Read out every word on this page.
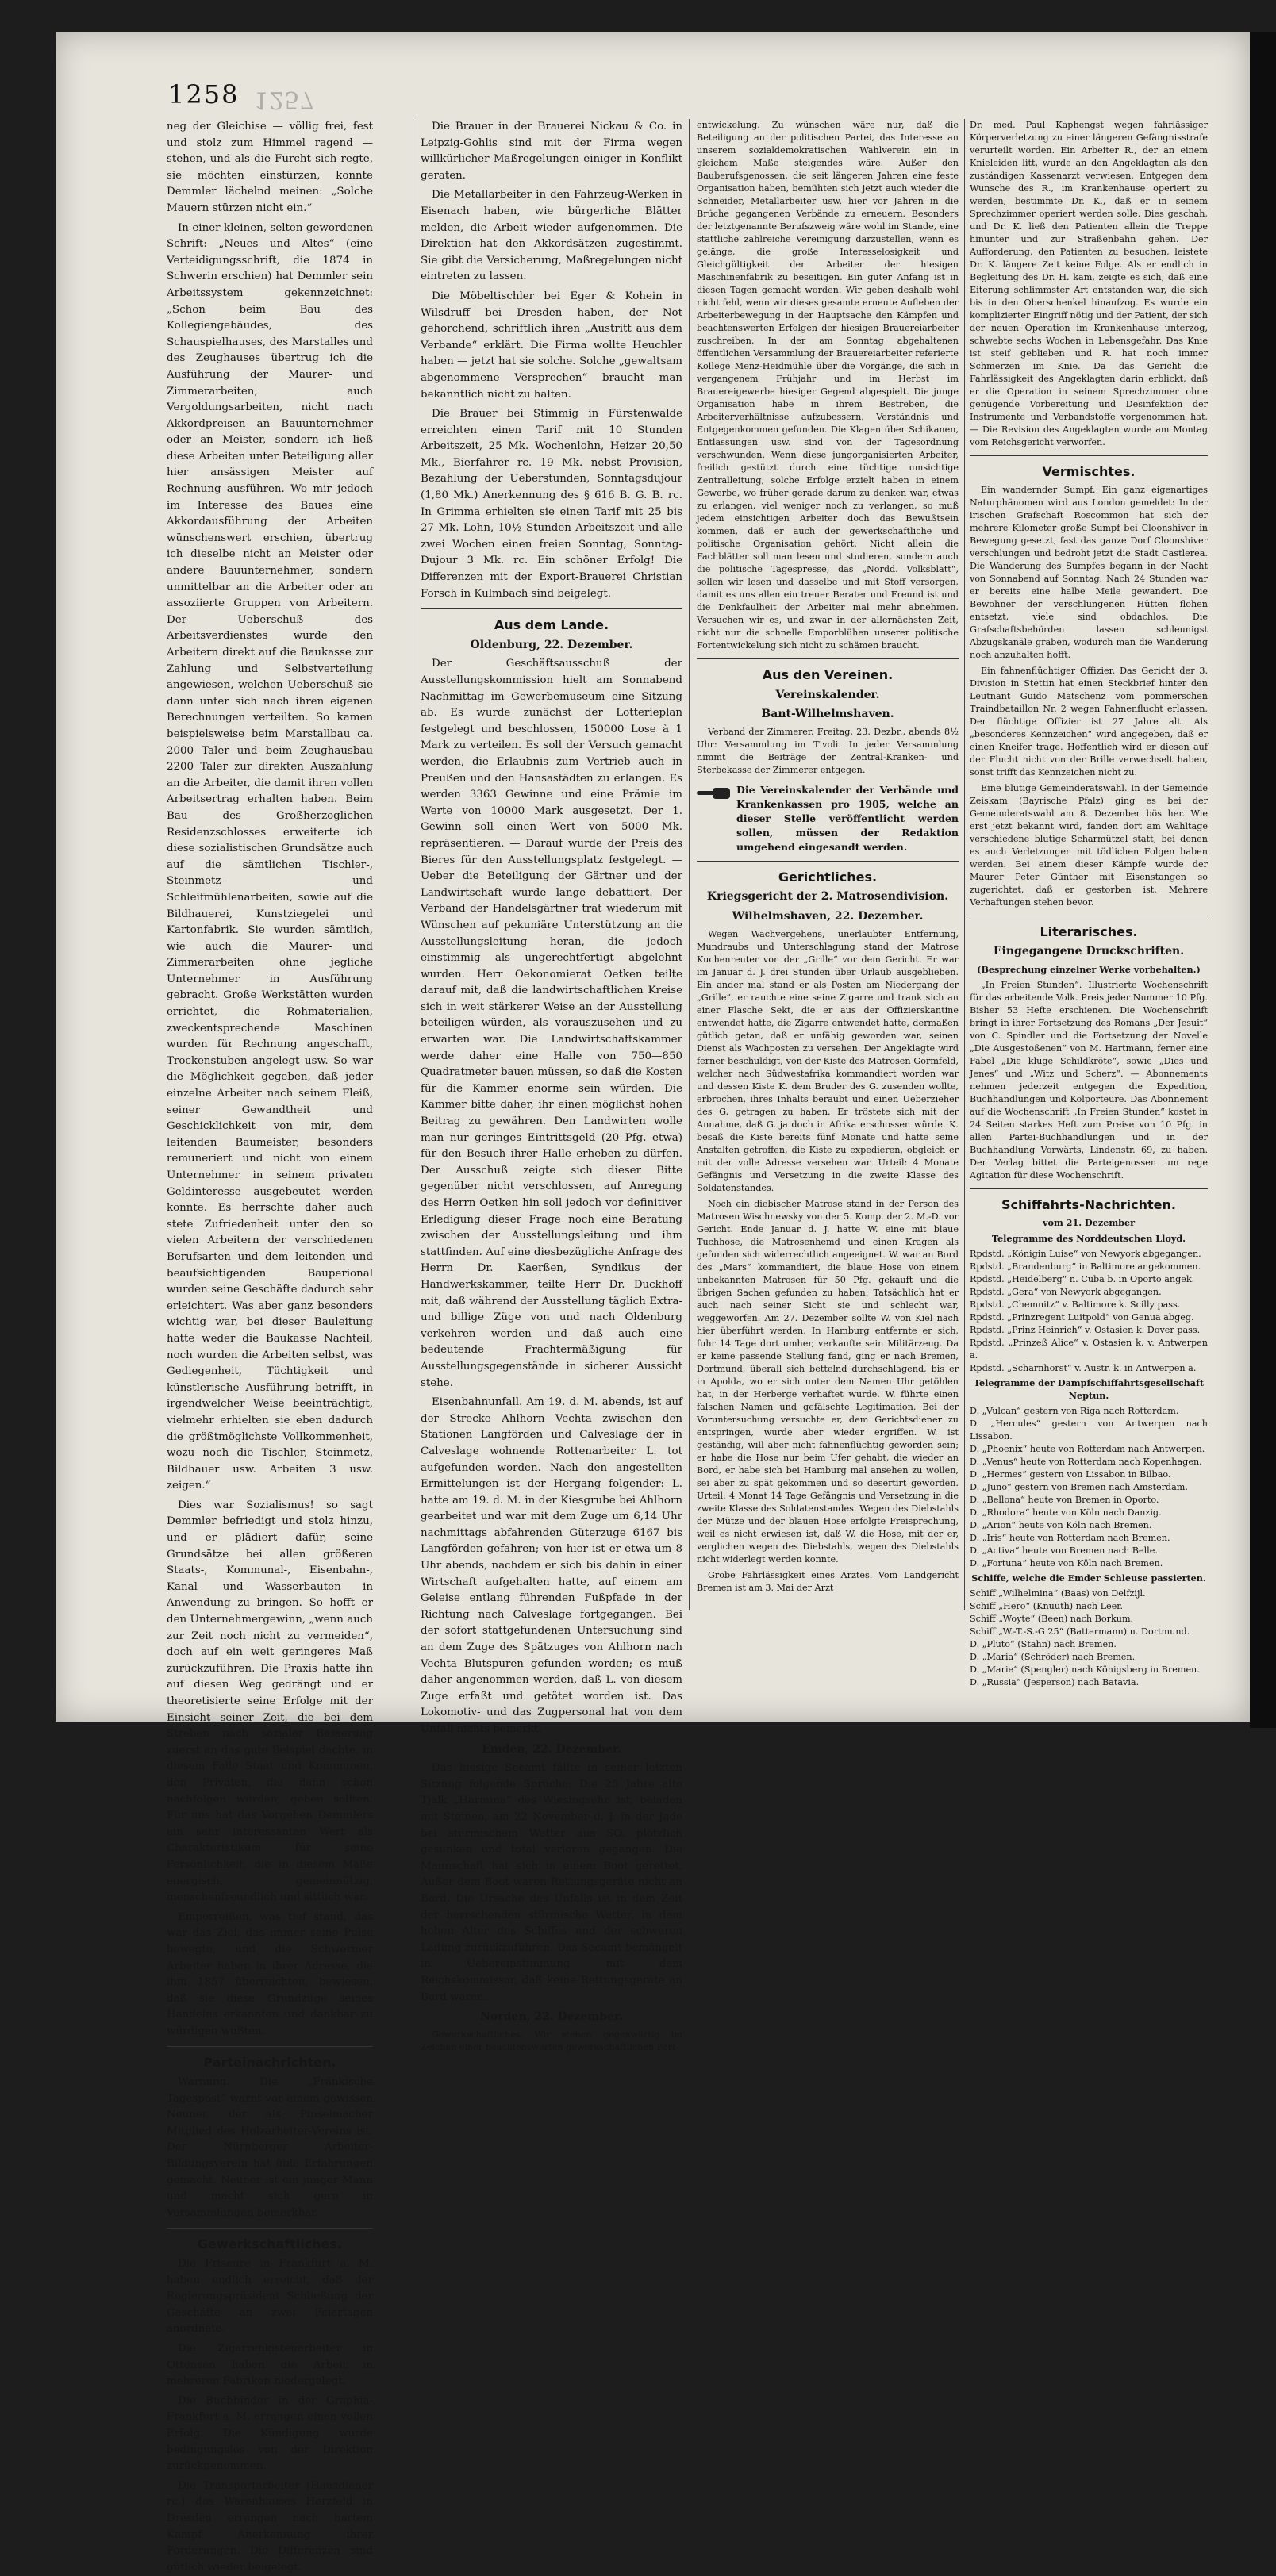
1258 1257

neg der Gleichise — völlig frei, fest und stolz zum Himmel ragend — stehen, und als die Furcht sich regte, sie möchten einstürzen, konnte Demmler lächelnd meinen: „Solche Mauern stürzen nicht ein.“

In einer kleinen, selten gewordenen Schrift: „Neues und Altes“ (eine Verteidigungsschrift, die 1874 in Schwerin erschien) hat Demmler sein Arbeitssystem gekennzeichnet: „Schon beim Bau des Kollegiengebäudes, des Schauspielhauses, des Marstalles und des Zeughauses übertrug ich die Ausführung der Maurer- und Zimmerarbeiten, auch Vergoldungsarbeiten, nicht nach Akkordpreisen an Bauunternehmer oder an Meister, sondern ich ließ diese Arbeiten unter Beteiligung aller hier ansässigen Meister auf Rechnung ausführen. Wo mir jedoch im Interesse des Baues eine Akkordausführung der Arbeiten wünschenswert erschien, übertrug ich dieselbe nicht an Meister oder andere Bauunternehmer, sondern unmittelbar an die Arbeiter oder an assoziierte Gruppen von Arbeitern. Der Ueberschuß des Arbeitsverdienstes wurde den Arbeitern direkt auf die Baukasse zur Zahlung und Selbstverteilung angewiesen, welchen Ueberschuß sie dann unter sich nach ihren eigenen Berechnungen verteilten. So kamen beispielsweise beim Marstallbau ca. 2000 Taler und beim Zeughausbau 2200 Taler zur direkten Auszahlung an die Arbeiter, die damit ihren vollen Arbeitsertrag erhalten haben. Beim Bau des Großherzoglichen Residenzschlosses erweiterte ich diese sozialistischen Grundsätze auch auf die sämtlichen Tischler-, Steinmetz- und Schleifmühlenarbeiten, sowie auf die Bildhauerei, Kunstziegelei und Kartonfabrik. Sie wurden sämtlich, wie auch die Maurer- und Zimmerarbeiten ohne jegliche Unternehmer in Ausführung gebracht. Große Werkstätten wurden errichtet, die Rohmaterialien, zweckentsprechende Maschinen wurden für Rechnung angeschafft, Trockenstuben angelegt usw. So war die Möglichkeit gegeben, daß jeder einzelne Arbeiter nach seinem Fleiß, seiner Gewandtheit und Geschicklichkeit von mir, dem leitenden Baumeister, besonders remuneriert und nicht von einem Unternehmer in seinem privaten Geldinteresse ausgebeutet werden konnte. Es herrschte daher auch stete Zufriedenheit unter den so vielen Arbeitern der verschiedenen Berufsarten und dem leitenden und beaufsichtigenden Bauperional wurden seine Geschäfte dadurch sehr erleichtert. Was aber ganz besonders wichtig war, bei dieser Bauleitung hatte weder die Baukasse Nachteil, noch wurden die Arbeiten selbst, was Gediegenheit, Tüchtigkeit und künstlerische Ausführung betrifft, in irgendwelcher Weise beeinträchtigt, vielmehr erhielten sie eben dadurch die größtmöglichste Vollkommenheit, wozu noch die Tischler, Steinmetz, Bildhauer usw. Arbeiten 3 usw. zeigen.“

Dies war Sozialismus! so sagt Demmler befriedigt und stolz hinzu, und er plädiert dafür, seine Grundsätze bei allen größeren Staats-, Kommunal-, Eisenbahn-, Kanal- und Wasserbauten in Anwendung zu bringen. So hofft er den Unternehmergewinn, „wenn auch zur Zeit noch nicht zu vermeiden“, doch auf ein weit geringeres Maß zurückzuführen. Die Praxis hatte ihn auf diesen Weg gedrängt und er theoretisierte seine Erfolge mit der Einsicht seiner Zeit, die bei dem Streben nach sozialer Besserung zuerst an das gute Beispiel dachte, in diesem Falle Staat und Kommunen, den Privaten, die dann schon nachfolgen würden, geben sollten. Für uns hat das Vorgehen Demmlers ein sehr interessanten Wert als Charakteristikum für seine Persönlichkeit, die in diesem Maße energisch, gemeinnützig, menschenfreundlich und sittlich war.

Emporreißen, was tief stand, das war das Ziel, das immer seine Pulse bewegte, und die Schweriner Arbeiter haben in ihrer Adresse, die ihm 1857 überreichten, bewiesen, daß sie diese Grundzüge seines Handelns erkannten und dankbar zu würdigen wußten.

Parteinachrichten.

Warnung. Die „Fränkische Tagespost“ warnt vor einem gewissen Neuner, der als Pinselmacher Mitglied des Holzarbeiter-Vereins ist. Der Nürnberger Arbeiter-Bildungsverein hat üble Erfahrungen gemacht. Neuner ist ein junger Mann und macht sich gern in Versammlungen bemerkbar.

Gewerkschaftliches.

Die Friseure in Frankfurt a. M. haben endlich erreicht, daß der Regierungspräsident Schließung der Geschäfte an zwei Feiertagen anordnete.

Die Zigarrenkistenarbeiter in Ottensen haben die Arbeit in mehreren Fabriken niedergelegt.

Die Buchbinder in der Graphia-Frankfurt a. M. errangen einen vollen Erfolg. Die Kündigung wurde bedingungslos von der Direktion zurückgenommen.

Die Transportarbeiter (Hausdiener rc.) des Warenhauses Herzfeld in Dresden errangen nach hartem Kampf Anerkennung ihrer Forderungen. Die Differenzen sind gütlich wieder beigelegt.

Die Brauer in der Brauerei Nickau & Co. in Leipzig-Gohlis sind mit der Firma wegen willkürlicher Maßregelungen einiger in Konflikt geraten.

Die Metallarbeiter in den Fahrzeug-Werken in Eisenach haben, wie bürgerliche Blätter melden, die Arbeit wieder aufgenommen. Die Direktion hat den Akkordsätzen zugestimmt. Sie gibt die Versicherung, Maßregelungen nicht eintreten zu lassen.

Die Möbeltischler bei Eger & Kohein in Wilsdruff bei Dresden haben, der Not gehorchend, schriftlich ihren „Austritt aus dem Verbande“ erklärt. Die Firma wollte Heuchler haben — jetzt hat sie solche. Solche „gewaltsam abgenommene Versprechen“ braucht man bekanntlich nicht zu halten.

Die Brauer bei Stimmig in Fürstenwalde erreichten einen Tarif mit 10 Stunden Arbeitszeit, 25 Mk. Wochenlohn, Heizer 20,50 Mk., Bierfahrer rc. 19 Mk. nebst Provision, Bezahlung der Ueberstunden, Sonntagsdujour (1,80 Mk.) Anerkennung des § 616 B. G. B. rc. In Grimma erhielten sie einen Tarif mit 25 bis 27 Mk. Lohn, 10½ Stunden Arbeitszeit und alle zwei Wochen einen freien Sonntag, Sonntag-Dujour 3 Mk. rc. Ein schöner Erfolg! Die Differenzen mit der Export-Brauerei Christian Forsch in Kulmbach sind beigelegt.

Aus dem Lande.
Oldenburg, 22. Dezember.

Der Geschäftsausschuß der Ausstellungskommission hielt am Sonnabend Nachmittag im Gewerbemuseum eine Sitzung ab. Es wurde zunächst der Lotterieplan festgelegt und beschlossen, 150000 Lose à 1 Mark zu verteilen. Es soll der Versuch gemacht werden, die Erlaubnis zum Vertrieb auch in Preußen und den Hansastädten zu erlangen. Es werden 3363 Gewinne und eine Prämie im Werte von 10000 Mark ausgesetzt. Der 1. Gewinn soll einen Wert von 5000 Mk. repräsentieren. — Darauf wurde der Preis des Bieres für den Ausstellungsplatz festgelegt. — Ueber die Beteiligung der Gärtner und der Landwirtschaft wurde lange debattiert. Der Verband der Handelsgärtner trat wiederum mit Wünschen auf pekuniäre Unterstützung an die Ausstellungsleitung heran, die jedoch einstimmig als ungerechtfertigt abgelehnt wurden. Herr Oekonomierat Oetken teilte darauf mit, daß die landwirtschaftlichen Kreise sich in weit stärkerer Weise an der Ausstellung beteiligen würden, als vorauszusehen und zu erwarten war. Die Landwirtschaftskammer werde daher eine Halle von 750—850 Quadratmeter bauen müssen, so daß die Kosten für die Kammer enorme sein würden. Die Kammer bitte daher, ihr einen möglichst hohen Beitrag zu gewähren. Den Landwirten wolle man nur geringes Eintrittsgeld (20 Pfg. etwa) für den Besuch ihrer Halle erheben zu dürfen. Der Ausschuß zeigte sich dieser Bitte gegenüber nicht verschlossen, auf Anregung des Herrn Oetken hin soll jedoch vor definitiver Erledigung dieser Frage noch eine Beratung zwischen der Ausstellungsleitung und ihm stattfinden. Auf eine diesbezügliche Anfrage des Herrn Dr. Kaerßen, Syndikus der Handwerkskammer, teilte Herr Dr. Duckhoff mit, daß während der Ausstellung täglich Extra- und billige Züge von und nach Oldenburg verkehren werden und daß auch eine bedeutende Frachtermäßigung für Ausstellungsgegenstände in sicherer Aussicht stehe.

Eisenbahnunfall. Am 19. d. M. abends, ist auf der Strecke Ahlhorn—Vechta zwischen den Stationen Langförden und Calveslage der in Calveslage wohnende Rottenarbeiter L. tot aufgefunden worden. Nach den angestellten Ermittelungen ist der Hergang folgender: L. hatte am 19. d. M. in der Kiesgrube bei Ahlhorn gearbeitet und war mit dem Zuge um 6,14 Uhr nachmittags abfahrenden Güterzuge 6167 bis Langförden gefahren; von hier ist er etwa um 8 Uhr abends, nachdem er sich bis dahin in einer Wirtschaft aufgehalten hatte, auf einem am Geleise entlang führenden Fußpfade in der Richtung nach Calveslage fortgegangen. Bei der sofort stattgefundenen Untersuchung sind an dem Zuge des Spätzuges von Ahlhorn nach Vechta Blutspuren gefunden worden; es muß daher angenommen werden, daß L. von diesem Zuge erfaßt und getötet worden ist. Das Lokomotiv- und das Zugpersonal hat von dem Unfall nichts bemerkt.

Emden, 22. Dezember.

Das hiesige Seeamt fällte in seiner letzten Sitzung folgende Sprüche: Die 25 Jahre alte Tjalk „Harmina“ des Wiesingsehn ist, beladen mit Steinen, am 22 November d. J. in der Jade bei stürmischem Wetter aus SO. plötzlich gesunken und total verloren gegangen. Die Mannschaft hat sich in einem Boot gerettet. Außer dem Boot waren Rettungsgeräte nicht an Bord. Die Ursache des Unfalls ist in dem Zeit der herrschenden stürmische Wetter, in dem hohen Alter des Schiffes und der schweren Ladung zurückzuführen. Das Seeamt bemängelt in Uebereinstimmung mit dem Reichskommissar, daß keine Rettungsgeräte an Bord waren.

Norden, 22. Dezember.

Gewerkschaftliches. Wir stehen gegenwärtig im Zeichen einer beachtenswerten gewerkschaftlichen Fort-

entwickelung. Zu wünschen wäre nur, daß die Beteiligung an der politischen Partei, das Interesse an unserem sozialdemokratischen Wahlverein ein in gleichem Maße steigendes wäre. Außer den Bauberufsgenossen, die seit längeren Jahren eine feste Organisation haben, bemühten sich jetzt auch wieder die Schneider, Metallarbeiter usw. hier vor Jahren in die Brüche gegangenen Verbände zu erneuern. Besonders der letztgenannte Berufszweig wäre wohl im Stande, eine stattliche zahlreiche Vereinigung darzustellen, wenn es gelänge, die große Interesselosigkeit und Gleichgültigkeit der Arbeiter der hiesigen Maschinenfabrik zu beseitigen. Ein guter Anfang ist in diesen Tagen gemacht worden. Wir geben deshalb wohl nicht fehl, wenn wir dieses gesamte erneute Aufleben der Arbeiterbewegung in der Hauptsache den Kämpfen und beachtenswerten Erfolgen der hiesigen Brauereiarbeiter zuschreiben. In der am Sonntag abgehaltenen öffentlichen Versammlung der Brauereiarbeiter referierte Kollege Menz-Heidmühle über die Vorgänge, die sich in vergangenem Frühjahr und im Herbst im Brauereigewerbe hiesiger Gegend abgespielt. Die junge Organisation habe in ihrem Bestreben, die Arbeiterverhältnisse aufzubessern, Verständnis und Entgegenkommen gefunden. Die Klagen über Schikanen, Entlassungen usw. sind von der Tagesordnung verschwunden. Wenn diese jungorganisierten Arbeiter, freilich gestützt durch eine tüchtige umsichtige Zentralleitung, solche Erfolge erzielt haben in einem Gewerbe, wo früher gerade darum zu denken war, etwas zu erlangen, viel weniger noch zu verlangen, so muß jedem einsichtigen Arbeiter doch das Bewußtsein kommen, daß er auch der gewerkschaftliche und politische Organisation gehört. Nicht allein die Fachblätter soll man lesen und studieren, sondern auch die politische Tagespresse, das „Nordd. Volksblatt“, sollen wir lesen und dasselbe und mit Stoff versorgen, damit es uns allen ein treuer Berater und Freund ist und die Denkfaulheit der Arbeiter mal mehr abnehmen. Versuchen wir es, und zwar in der allernächsten Zeit, nicht nur die schnelle Emporblühen unserer politische Fortentwickelung sich nicht zu schämen braucht.

Aus den Vereinen.
Vereinskalender.
Bant-Wilhelmshaven.

Verband der Zimmerer. Freitag, 23. Dezbr., abends 8½ Uhr: Versammlung im Tivoli. In jeder Versammlung nimmt die Beiträge der Zentral-Kranken- und Sterbekasse der Zimmerer entgegen.

Die Vereinskalender der Verbände und Krankenkassen pro 1905, welche an dieser Stelle veröffentlicht werden sollen, müssen der Redaktion umgehend eingesandt werden.
Gerichtliches.
Kriegsgericht der 2. Matrosendivision.
Wilhelmshaven, 22. Dezember.

Wegen Wachvergehens, unerlaubter Entfernung, Mundraubs und Unterschlagung stand der Matrose Kuchenreuter von der „Grille“ vor dem Gericht. Er war im Januar d. J. drei Stunden über Urlaub ausgeblieben. Ein ander mal stand er als Posten am Niedergang der „Grille“, er rauchte eine seine Zigarre und trank sich an einer Flasche Sekt, die er aus der Offizierskantine entwendet hatte, die Zigarre entwendet hatte, dermaßen gütlich getan, daß er unfähig geworden war, seinen Dienst als Wachposten zu versehen. Der Angeklagte wird ferner beschuldigt, von der Kiste des Matrosen Gormfeld, welcher nach Südwestafrika kommandiert worden war und dessen Kiste K. dem Bruder des G. zusenden wollte, erbrochen, ihres Inhalts beraubt und einen Ueberzieher des G. getragen zu haben. Er tröstete sich mit der Annahme, daß G. ja doch in Afrika erschossen würde. K. besaß die Kiste bereits fünf Monate und hatte seine Anstalten getroffen, die Kiste zu expedieren, obgleich er mit der volle Adresse versehen war. Urteil: 4 Monate Gefängnis und Versetzung in die zweite Klasse des Soldatenstandes.

Noch ein diebischer Matrose stand in der Person des Matrosen Wischnewsky von der 5. Komp. der 2. M.-D. vor Gericht. Ende Januar d. J. hatte W. eine mit blaue Tuchhose, die Matrosenhemd und einen Kragen als gefunden sich widerrechtlich angeeignet. W. war an Bord des „Mars“ kommandiert, die blaue Hose von einem unbekannten Matrosen für 50 Pfg. gekauft und die übrigen Sachen gefunden zu haben. Tatsächlich hat er auch nach seiner Sicht sie und schlecht war, weggeworfen. Am 27. Dezember sollte W. von Kiel nach hier überführt werden. In Hamburg entfernte er sich, fuhr 14 Tage dort umher, verkaufte sein Militärzeug. Da er keine passende Stellung fand, ging er nach Bremen, Dortmund, überall sich bettelnd durchschlagend, bis er in Apolda, wo er sich unter dem Namen Uhr getöhlen hat, in der Herberge verhaftet wurde. W. führte einen falschen Namen und gefälschte Legitimation. Bei der Voruntersuchung versuchte er, dem Gerichtsdiener zu entspringen, wurde aber wieder ergriffen. W. ist geständig, will aber nicht fahnenflüchtig geworden sein; er habe die Hose nur beim Ufer gehabt, die wieder an Bord, er habe sich bei Hamburg mal ansehen zu wollen, sei aber zu spät gekommen und so desertirt geworden. Urteil: 4 Monat 14 Tage Gefängnis und Versetzung in die zweite Klasse des Soldatenstandes. Wegen des Diebstahls der Mütze und der blauen Hose erfolgte Freisprechung, weil es nicht erwiesen ist, daß W. die Hose, mit der er, verglichen wegen des Diebstahls, wegen des Diebstahls nicht widerlegt werden konnte.

Grobe Fahrlässigkeit eines Arztes. Vom Landgericht Bremen ist am 3. Mai der Arzt

Dr. med. Paul Kaphengst wegen fahrlässiger Körperverletzung zu einer längeren Gefängnisstrafe verurteilt worden. Ein Arbeiter R., der an einem Knieleiden litt, wurde an den Angeklagten als den zuständigen Kassenarzt verwiesen. Entgegen dem Wunsche des R., im Krankenhause operiert zu werden, bestimmte Dr. K., daß er in seinem Sprechzimmer operiert werden solle. Dies geschah, und Dr. K. ließ den Patienten allein die Treppe hinunter und zur Straßenbahn gehen. Der Aufforderung, den Patienten zu besuchen, leistete Dr. K. längere Zeit keine Folge. Als er endlich in Begleitung des Dr. H. kam, zeigte es sich, daß eine Eiterung schlimmster Art entstanden war, die sich bis in den Oberschenkel hinaufzog. Es wurde ein komplizierter Eingriff nötig und der Patient, der sich der neuen Operation im Krankenhause unterzog, schwebte sechs Wochen in Lebensgefahr. Das Knie ist steif geblieben und R. hat noch immer Schmerzen im Knie. Da das Gericht die Fahrlässigkeit des Angeklagten darin erblickt, daß er die Operation in seinem Sprechzimmer ohne genügende Vorbereitung und Desinfektion der Instrumente und Verbandstoffe vorgenommen hat. — Die Revision des Angeklagten wurde am Montag vom Reichsgericht verworfen.

Vermischtes.

Ein wandernder Sumpf. Ein ganz eigenartiges Naturphänomen wird aus London gemeldet: In der irischen Grafschaft Roscommon hat sich der mehrere Kilometer große Sumpf bei Cloonshiver in Bewegung gesetzt, fast das ganze Dorf Cloonshiver verschlungen und bedroht jetzt die Stadt Castlerea. Die Wanderung des Sumpfes begann in der Nacht von Sonnabend auf Sonntag. Nach 24 Stunden war er bereits eine halbe Meile gewandert. Die Bewohner der verschlungenen Hütten flohen entsetzt, viele sind obdachlos. Die Grafschaftsbehörden lassen schleunigst Abzugskanäle graben, wodurch man die Wanderung noch anzuhalten hofft.

Ein fahnenflüchtiger Offizier. Das Gericht der 3. Division in Stettin hat einen Steckbrief hinter den Leutnant Guido Matschenz vom pommerschen Traindbataillon Nr. 2 wegen Fahnenflucht erlassen. Der flüchtige Offizier ist 27 Jahre alt. Als „besonderes Kennzeichen“ wird angegeben, daß er einen Kneifer trage. Hoffentlich wird er diesen auf der Flucht nicht von der Brille verwechselt haben, sonst trifft das Kennzeichen nicht zu.

Eine blutige Gemeinderatswahl. In der Gemeinde Zeiskam (Bayrische Pfalz) ging es bei der Gemeinderatswahl am 8. Dezember bös her. Wie erst jetzt bekannt wird, fanden dort am Wahltage verschiedene blutige Scharmützel statt, bei denen es auch Verletzungen mit tödlichen Folgen haben werden. Bei einem dieser Kämpfe wurde der Maurer Peter Günther mit Eisenstangen so zugerichtet, daß er gestorben ist. Mehrere Verhaftungen stehen bevor.

Literarisches.
Eingegangene Druckschriften.
(Besprechung einzelner Werke vorbehalten.)

„In Freien Stunden“. Illustrierte Wochenschrift für das arbeitende Volk. Preis jeder Nummer 10 Pfg. Bisher 53 Hefte erschienen. Die Wochenschrift bringt in ihrer Fortsetzung des Romans „Der Jesuit“ von C. Spindler und die Fortsetzung der Novelle „Die Ausgestoßenen“ von M. Hartmann, ferner eine Fabel „Die kluge Schildkröte“, sowie „Dies und Jenes“ und „Witz und Scherz“. — Abonnements nehmen jederzeit entgegen die Expedition, Buchhandlungen und Kolporteure. Das Abonnement auf die Wochenschrift „In Freien Stunden“ kostet in 24 Seiten starkes Heft zum Preise von 10 Pfg. in allen Partei-Buchhandlungen und in der Buchhandlung Vorwärts, Lindenstr. 69, zu haben. Der Verlag bittet die Parteigenossen um rege Agitation für diese Wochenschrift.

Schiffahrts-Nachrichten.
vom 21. Dezember
Telegramme des Norddeutschen Lloyd.
Rpdstd. „Königin Luise“ von Newyork abgegangen.
Rpdstd. „Brandenburg“ in Baltimore angekommen.
Rpdstd. „Heidelberg“ n. Cuba b. in Oporto angek.
Rpdstd. „Gera“ von Newyork abgegangen.
Rpdstd. „Chemnitz“ v. Baltimore k. Scilly pass.
Rpdstd. „Prinzregent Luitpold“ von Genua abgeg.
Rpdstd. „Prinz Heinrich“ v. Ostasien k. Dover pass.
Rpdstd. „Prinzeß Alice“ v. Ostasien k. v. Antwerpen a.
Rpdstd. „Scharnhorst“ v. Austr. k. in Antwerpen a.
Telegramme der Dampfschiffahrtsgesellschaft Neptun.
D. „Vulcan“ gestern von Riga nach Rotterdam.
D. „Hercules“ gestern von Antwerpen nach Lissabon.
D. „Phoenix“ heute von Rotterdam nach Antwerpen.
D. „Venus“ heute von Rotterdam nach Kopenhagen.
D. „Hermes“ gestern von Lissabon in Bilbao.
D. „Juno“ gestern von Bremen nach Amsterdam.
D. „Bellona“ heute von Bremen in Oporto.
D. „Rhodora“ heute von Köln nach Danzig.
D. „Arion“ heute von Köln nach Bremen.
D. „Iris“ heute von Rotterdam nach Bremen.
D. „Activa“ heute von Bremen nach Belle.
D. „Fortuna“ heute von Köln nach Bremen.
Schiffe, welche die Emder Schleuse passierten.
Schiff „Wilhelmina“ (Baas) von Delfzijl.
Schiff „Hero“ (Knuuth) nach Leer.
Schiff „Woyte“ (Been) nach Borkum.
Schiff „W.-T.-S.-G 25“ (Battermann) n. Dortmund.
D. „Pluto“ (Stahn) nach Bremen.
D. „Maria“ (Schröder) nach Bremen.
D. „Marie“ (Spengler) nach Königsberg in Bremen.
D. „Russia“ (Jesperson) nach Batavia.
